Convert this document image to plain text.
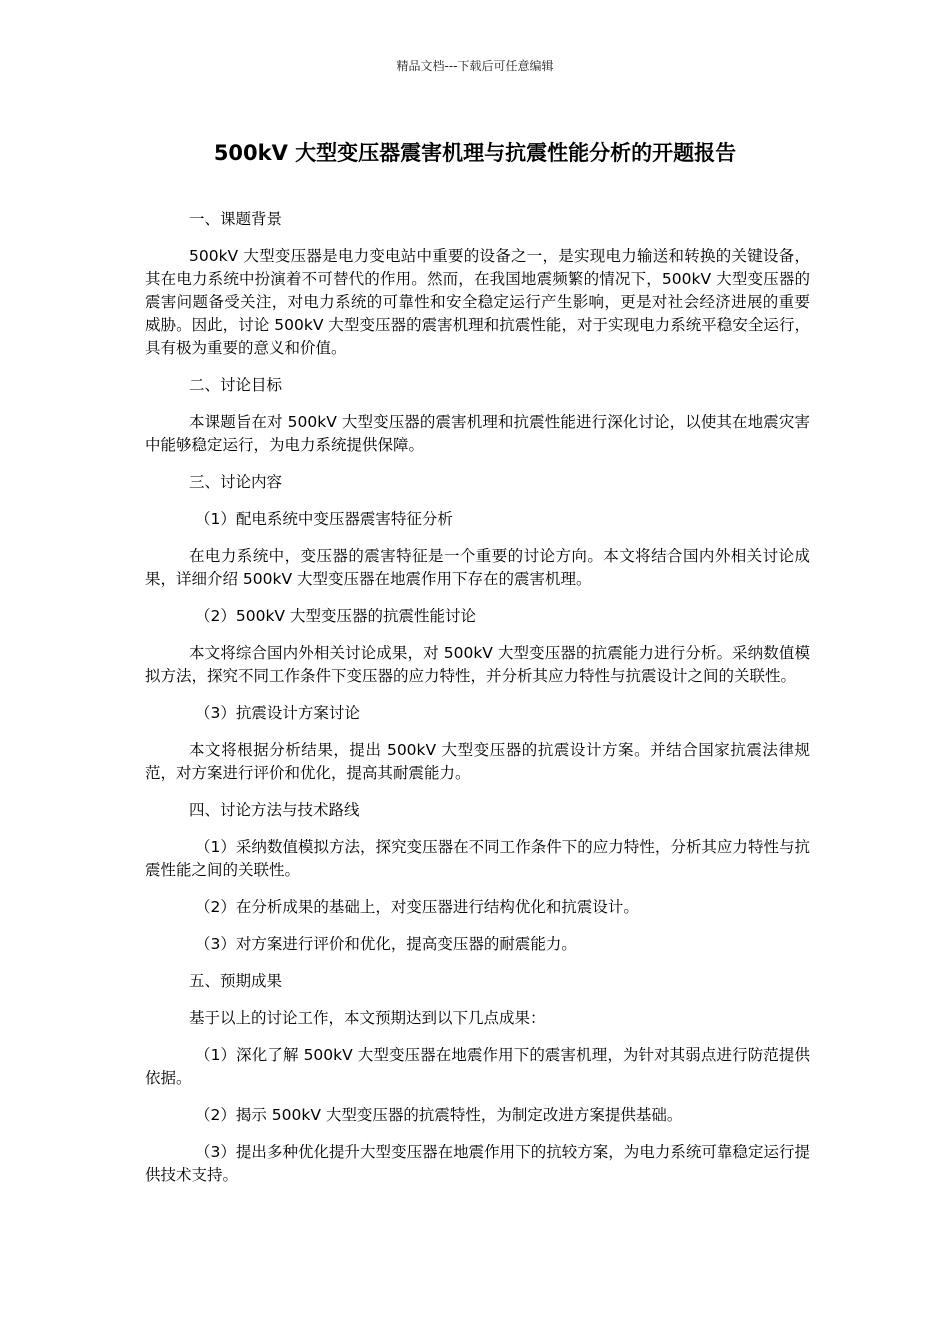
精品文档---下载后可任意编辑
500kV 大型变压器震害机理与抗震性能分析的开题报告

一、课题背景

500kV 大型变压器是电力变电站中重要的设备之一，是实现电力输送和转换的关键设备，其在电力系统中扮演着不可替代的作用。然而，在我国地震频繁的情况下，500kV 大型变压器的震害问题备受关注，对电力系统的可靠性和安全稳定运行产生影响，更是对社会经济进展的重要威胁。因此，讨论 500kV 大型变压器的震害机理和抗震性能，对于实现电力系统平稳安全运行，具有极为重要的意义和价值。

二、讨论目标

本课题旨在对 500kV 大型变压器的震害机理和抗震性能进行深化讨论，以使其在地震灾害中能够稳定运行，为电力系统提供保障。

三、讨论内容

（1）配电系统中变压器震害特征分析

在电力系统中，变压器的震害特征是一个重要的讨论方向。本文将结合国内外相关讨论成果，详细介绍 500kV 大型变压器在地震作用下存在的震害机理。

（2）500kV 大型变压器的抗震性能讨论

本文将综合国内外相关讨论成果，对 500kV 大型变压器的抗震能力进行分析。采纳数值模拟方法，探究不同工作条件下变压器的应力特性，并分析其应力特性与抗震设计之间的关联性。

（3）抗震设计方案讨论

本文将根据分析结果，提出 500kV 大型变压器的抗震设计方案。并结合国家抗震法律规范，对方案进行评价和优化，提高其耐震能力。

四、讨论方法与技术路线

（1）采纳数值模拟方法，探究变压器在不同工作条件下的应力特性，分析其应力特性与抗震性能之间的关联性。

（2）在分析成果的基础上，对变压器进行结构优化和抗震设计。

（3）对方案进行评价和优化，提高变压器的耐震能力。

五、预期成果

基于以上的讨论工作，本文预期达到以下几点成果：

（1）深化了解 500kV 大型变压器在地震作用下的震害机理，为针对其弱点进行防范提供依据。

（2）揭示 500kV 大型变压器的抗震特性，为制定改进方案提供基础。

（3）提出多种优化提升大型变压器在地震作用下的抗较方案，为电力系统可靠稳定运行提供技术支持。
